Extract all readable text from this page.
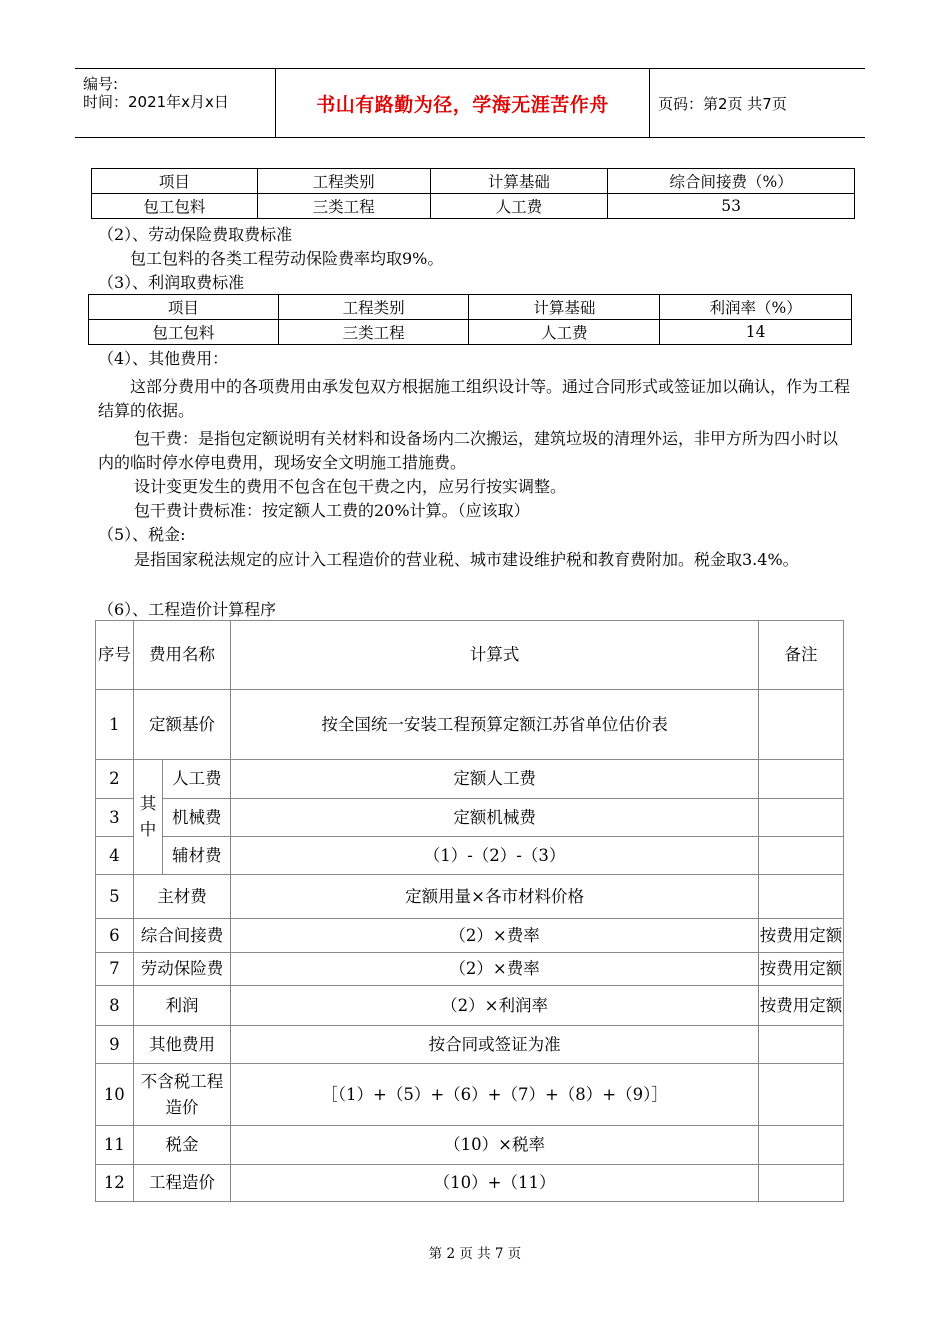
编号:
时间：2021年x月x日	书山有路勤为径，学海无涯苦作舟	页码：第2页 共7页
项目	工程类别	计算基础	综合间接费（%）
包工包料	三类工程	人工费	53
（2）、劳动保险费取费标准
包工包料的各类工程劳动保险费率均取9%。
（3）、利润取费标准
项目	工程类别	计算基础	利润率（%）
包工包料	三类工程	人工费	14
（4）、其他费用：
这部分费用中的各项费用由承发包双方根据施工组织设计等。通过合同形式或签证加以确认，作为工程结算的依据。
包干费：是指包定额说明有关材料和设备场内二次搬运，建筑垃圾的清理外运，非甲方所为四小时以内的临时停水停电费用，现场安全文明施工措施费。
设计变更发生的费用不包含在包干费之内，应另行按实调整。
包干费计费标准：按定额人工费的20%计算。（应该取）
（5）、税金:
是指国家税法规定的应计入工程造价的营业税、城市建设维护税和教育费附加。税金取3.4%。
（6）、工程造价计算程序
序号	费用名称		计算式	备注
1	定额基价		按全国统一安装工程预算定额江苏省单位估价表	
2	其中	人工费	定额人工费	
3		机械费	定额机械费	
4		辅材费	（1）-（2）-（3）	
5	主材费		定额用量×各市材料价格	
6	综合间接费		（2）×费率	按费用定额
7	劳动保险费		（2）×费率	按费用定额
8	利润		（2）×利润率	按费用定额
9	其他费用		按合同或签证为准	
10	不含税工程造价		［（1）+（5）+（6）+（7）+（8）+（9）］	
11	税金		（10）×税率	
12	工程造价		（10）+（11）	
第 2 页 共 7 页
